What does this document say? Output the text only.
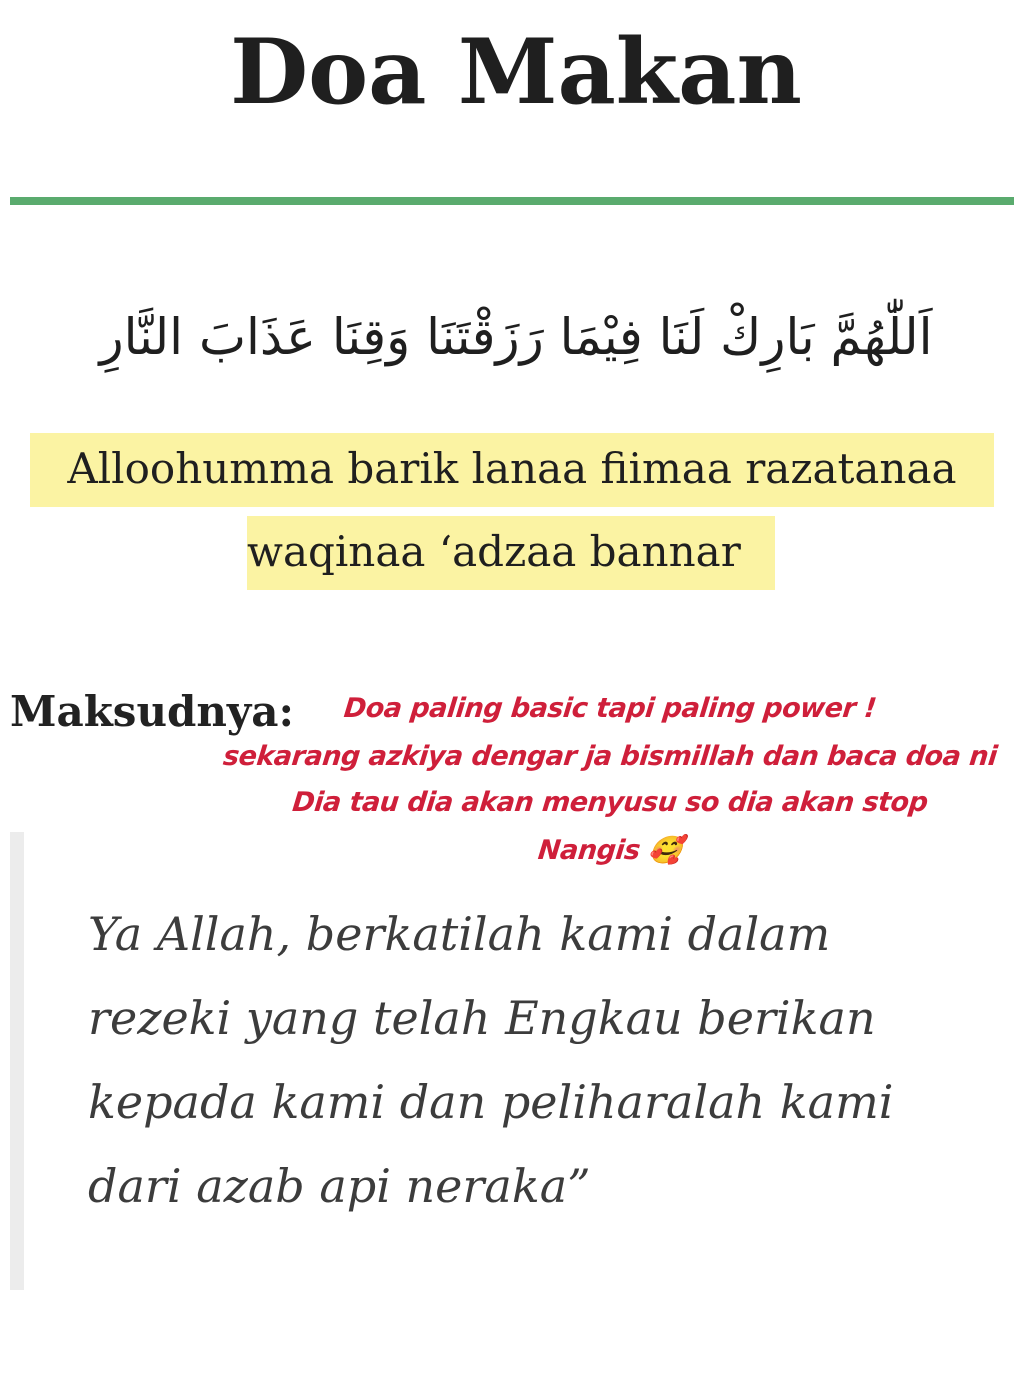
Doa Makan
اَللّٰهُمَّ بَارِكْ لَنَا فِيْمَا رَزَقْتَنَا وَقِنَا عَذَابَ النَّارِ
Alloohumma barik lanaa fiimaa razatanaa
waqinaa ‘adzaa bannar
Maksudnya:	Doa paling basic tapi paling power !
sekarang azkiya dengar ja bismillah dan baca doa ni
Dia tau dia akan menyusu so dia akan stop
Nangis 🥰
Ya Allah, berkatilah kami dalam
rezeki yang telah Engkau berikan
kepada kami dan peliharalah kami
dari azab api neraka”
